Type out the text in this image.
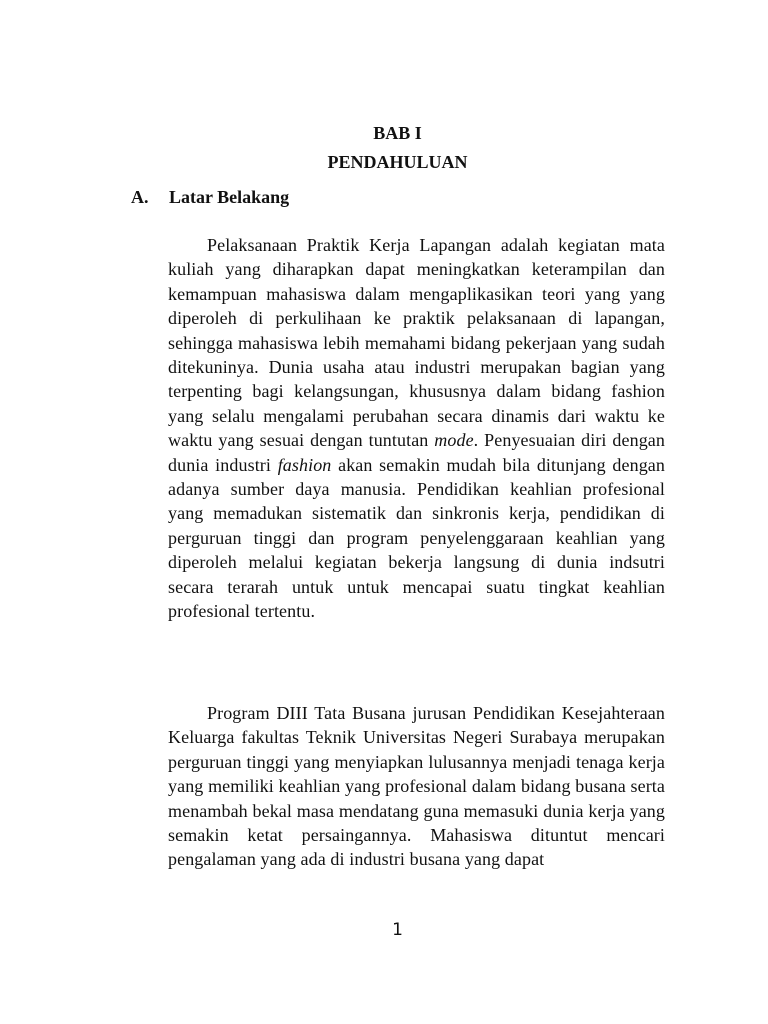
BAB I
PENDAHULUAN
A. Latar Belakang

Pelaksanaan Praktik Kerja Lapangan adalah kegiatan mata kuliah yang diharapkan dapat meningkatkan keterampilan dan kemampuan mahasiswa dalam mengaplikasikan teori yang yang diperoleh di perkulihaan ke praktik pelaksanaan di lapangan, sehingga mahasiswa lebih memahami bidang pekerjaan yang sudah ditekuninya. Dunia usaha atau industri merupakan bagian yang terpenting bagi kelangsungan, khususnya dalam bidang fashion yang selalu mengalami perubahan secara dinamis dari waktu ke waktu yang sesuai dengan tuntutan mode. Penyesuaian diri dengan dunia industri fashion akan semakin mudah bila ditunjang dengan adanya sumber daya manusia. Pendidikan keahlian profesional yang memadukan sistematik dan sinkronis kerja, pendidikan di perguruan tinggi dan program penyelenggaraan keahlian yang diperoleh melalui kegiatan bekerja langsung di dunia indsutri secara terarah untuk untuk mencapai suatu tingkat keahlian profesional tertentu.

Program DIII Tata Busana jurusan Pendidikan Kesejahteraan Keluarga fakultas Teknik Universitas Negeri Surabaya merupakan perguruan tinggi yang menyiapkan lulusannya menjadi tenaga kerja yang memiliki keahlian yang profesional dalam bidang busana serta menambah bekal masa mendatang guna memasuki dunia kerja yang semakin ketat persaingannya. Mahasiswa dituntut mencari pengalaman yang ada di industri busana yang dapat

1
